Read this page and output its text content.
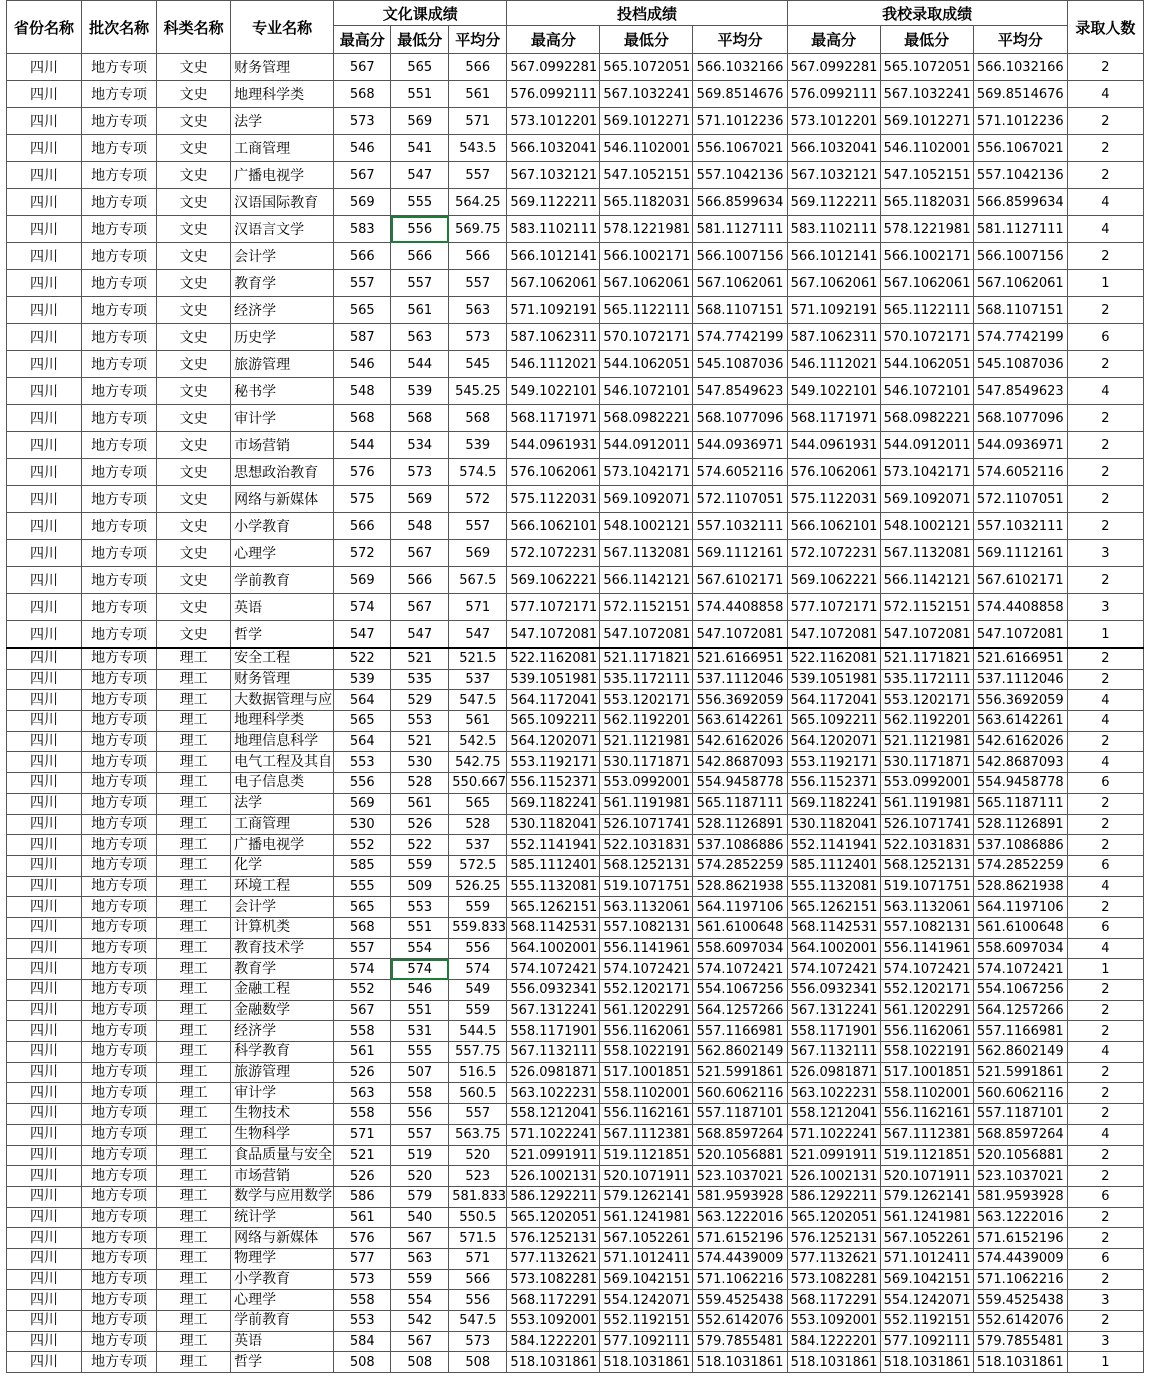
省份名称	批次名称	科类名称	专业名称	文化课成绩			投档成绩			我校录取成绩			录取人数
				最高分	最低分	平均分	最高分	最低分	平均分	最高分	最低分	平均分	
四川	地方专项	文史	财务管理	567	565	566	567.0992281	565.1072051	566.1032166	567.0992281	565.1072051	566.1032166	2
四川	地方专项	文史	地理科学类	568	551	561	576.0992111	567.1032241	569.8514676	576.0992111	567.1032241	569.8514676	4
四川	地方专项	文史	法学	573	569	571	573.1012201	569.1012271	571.1012236	573.1012201	569.1012271	571.1012236	2
四川	地方专项	文史	工商管理	546	541	543.5	566.1032041	546.1102001	556.1067021	566.1032041	546.1102001	556.1067021	2
四川	地方专项	文史	广播电视学	567	547	557	567.1032121	547.1052151	557.1042136	567.1032121	547.1052151	557.1042136	2
四川	地方专项	文史	汉语国际教育	569	555	564.25	569.1122211	565.1182031	566.8599634	569.1122211	565.1182031	566.8599634	4
四川	地方专项	文史	汉语言文学	583	556	569.75	583.1102111	578.1221981	581.1127111	583.1102111	578.1221981	581.1127111	4
四川	地方专项	文史	会计学	566	566	566	566.1012141	566.1002171	566.1007156	566.1012141	566.1002171	566.1007156	2
四川	地方专项	文史	教育学	557	557	557	567.1062061	567.1062061	567.1062061	567.1062061	567.1062061	567.1062061	1
四川	地方专项	文史	经济学	565	561	563	571.1092191	565.1122111	568.1107151	571.1092191	565.1122111	568.1107151	2
四川	地方专项	文史	历史学	587	563	573	587.1062311	570.1072171	574.7742199	587.1062311	570.1072171	574.7742199	6
四川	地方专项	文史	旅游管理	546	544	545	546.1112021	544.1062051	545.1087036	546.1112021	544.1062051	545.1087036	2
四川	地方专项	文史	秘书学	548	539	545.25	549.1022101	546.1072101	547.8549623	549.1022101	546.1072101	547.8549623	4
四川	地方专项	文史	审计学	568	568	568	568.1171971	568.0982221	568.1077096	568.1171971	568.0982221	568.1077096	2
四川	地方专项	文史	市场营销	544	534	539	544.0961931	544.0912011	544.0936971	544.0961931	544.0912011	544.0936971	2
四川	地方专项	文史	思想政治教育	576	573	574.5	576.1062061	573.1042171	574.6052116	576.1062061	573.1042171	574.6052116	2
四川	地方专项	文史	网络与新媒体	575	569	572	575.1122031	569.1092071	572.1107051	575.1122031	569.1092071	572.1107051	2
四川	地方专项	文史	小学教育	566	548	557	566.1062101	548.1002121	557.1032111	566.1062101	548.1002121	557.1032111	2
四川	地方专项	文史	心理学	572	567	569	572.1072231	567.1132081	569.1112161	572.1072231	567.1132081	569.1112161	3
四川	地方专项	文史	学前教育	569	566	567.5	569.1062221	566.1142121	567.6102171	569.1062221	566.1142121	567.6102171	2
四川	地方专项	文史	英语	574	567	571	577.1072171	572.1152151	574.4408858	577.1072171	572.1152151	574.4408858	3
四川	地方专项	文史	哲学	547	547	547	547.1072081	547.1072081	547.1072081	547.1072081	547.1072081	547.1072081	1
四川	地方专项	理工	安全工程	522	521	521.5	522.1162081	521.1171821	521.6166951	522.1162081	521.1171821	521.6166951	2
四川	地方专项	理工	财务管理	539	535	537	539.1051981	535.1172111	537.1112046	539.1051981	535.1172111	537.1112046	2
四川	地方专项	理工	大数据管理与应	564	529	547.5	564.1172041	553.1202171	556.3692059	564.1172041	553.1202171	556.3692059	4
四川	地方专项	理工	地理科学类	565	553	561	565.1092211	562.1192201	563.6142261	565.1092211	562.1192201	563.6142261	4
四川	地方专项	理工	地理信息科学	564	521	542.5	564.1202071	521.1121981	542.6162026	564.1202071	521.1121981	542.6162026	2
四川	地方专项	理工	电气工程及其自	553	530	542.75	553.1192171	530.1171871	542.8687093	553.1192171	530.1171871	542.8687093	4
四川	地方专项	理工	电子信息类	556	528	550.667	556.1152371	553.0992001	554.9458778	556.1152371	553.0992001	554.9458778	6
四川	地方专项	理工	法学	569	561	565	569.1182241	561.1191981	565.1187111	569.1182241	561.1191981	565.1187111	2
四川	地方专项	理工	工商管理	530	526	528	530.1182041	526.1071741	528.1126891	530.1182041	526.1071741	528.1126891	2
四川	地方专项	理工	广播电视学	552	522	537	552.1141941	522.1031831	537.1086886	552.1141941	522.1031831	537.1086886	2
四川	地方专项	理工	化学	585	559	572.5	585.1112401	568.1252131	574.2852259	585.1112401	568.1252131	574.2852259	6
四川	地方专项	理工	环境工程	555	509	526.25	555.1132081	519.1071751	528.8621938	555.1132081	519.1071751	528.8621938	4
四川	地方专项	理工	会计学	565	553	559	565.1262151	563.1132061	564.1197106	565.1262151	563.1132061	564.1197106	2
四川	地方专项	理工	计算机类	568	551	559.833	568.1142531	557.1082131	561.6100648	568.1142531	557.1082131	561.6100648	6
四川	地方专项	理工	教育技术学	557	554	556	564.1002001	556.1141961	558.6097034	564.1002001	556.1141961	558.6097034	4
四川	地方专项	理工	教育学	574	574	574	574.1072421	574.1072421	574.1072421	574.1072421	574.1072421	574.1072421	1
四川	地方专项	理工	金融工程	552	546	549	556.0932341	552.1202171	554.1067256	556.0932341	552.1202171	554.1067256	2
四川	地方专项	理工	金融数学	567	551	559	567.1312241	561.1202291	564.1257266	567.1312241	561.1202291	564.1257266	2
四川	地方专项	理工	经济学	558	531	544.5	558.1171901	556.1162061	557.1166981	558.1171901	556.1162061	557.1166981	2
四川	地方专项	理工	科学教育	561	555	557.75	567.1132111	558.1022191	562.8602149	567.1132111	558.1022191	562.8602149	4
四川	地方专项	理工	旅游管理	526	507	516.5	526.0981871	517.1001851	521.5991861	526.0981871	517.1001851	521.5991861	2
四川	地方专项	理工	审计学	563	558	560.5	563.1022231	558.1102001	560.6062116	563.1022231	558.1102001	560.6062116	2
四川	地方专项	理工	生物技术	558	556	557	558.1212041	556.1162161	557.1187101	558.1212041	556.1162161	557.1187101	2
四川	地方专项	理工	生物科学	571	557	563.75	571.1022241	567.1112381	568.8597264	571.1022241	567.1112381	568.8597264	4
四川	地方专项	理工	食品质量与安全	521	519	520	521.0991911	519.1121851	520.1056881	521.0991911	519.1121851	520.1056881	2
四川	地方专项	理工	市场营销	526	520	523	526.1002131	520.1071911	523.1037021	526.1002131	520.1071911	523.1037021	2
四川	地方专项	理工	数学与应用数学	586	579	581.833	586.1292211	579.1262141	581.9593928	586.1292211	579.1262141	581.9593928	6
四川	地方专项	理工	统计学	561	540	550.5	565.1202051	561.1241981	563.1222016	565.1202051	561.1241981	563.1222016	2
四川	地方专项	理工	网络与新媒体	576	567	571.5	576.1252131	567.1052261	571.6152196	576.1252131	567.1052261	571.6152196	2
四川	地方专项	理工	物理学	577	563	571	577.1132621	571.1012411	574.4439009	577.1132621	571.1012411	574.4439009	6
四川	地方专项	理工	小学教育	573	559	566	573.1082281	569.1042151	571.1062216	573.1082281	569.1042151	571.1062216	2
四川	地方专项	理工	心理学	558	554	556	568.1172291	554.1242071	559.4525438	568.1172291	554.1242071	559.4525438	3
四川	地方专项	理工	学前教育	553	542	547.5	553.1092001	552.1192151	552.6142076	553.1092001	552.1192151	552.6142076	2
四川	地方专项	理工	英语	584	567	573	584.1222201	577.1092111	579.7855481	584.1222201	577.1092111	579.7855481	3
四川	地方专项	理工	哲学	508	508	508	518.1031861	518.1031861	518.1031861	518.1031861	518.1031861	518.1031861	1
